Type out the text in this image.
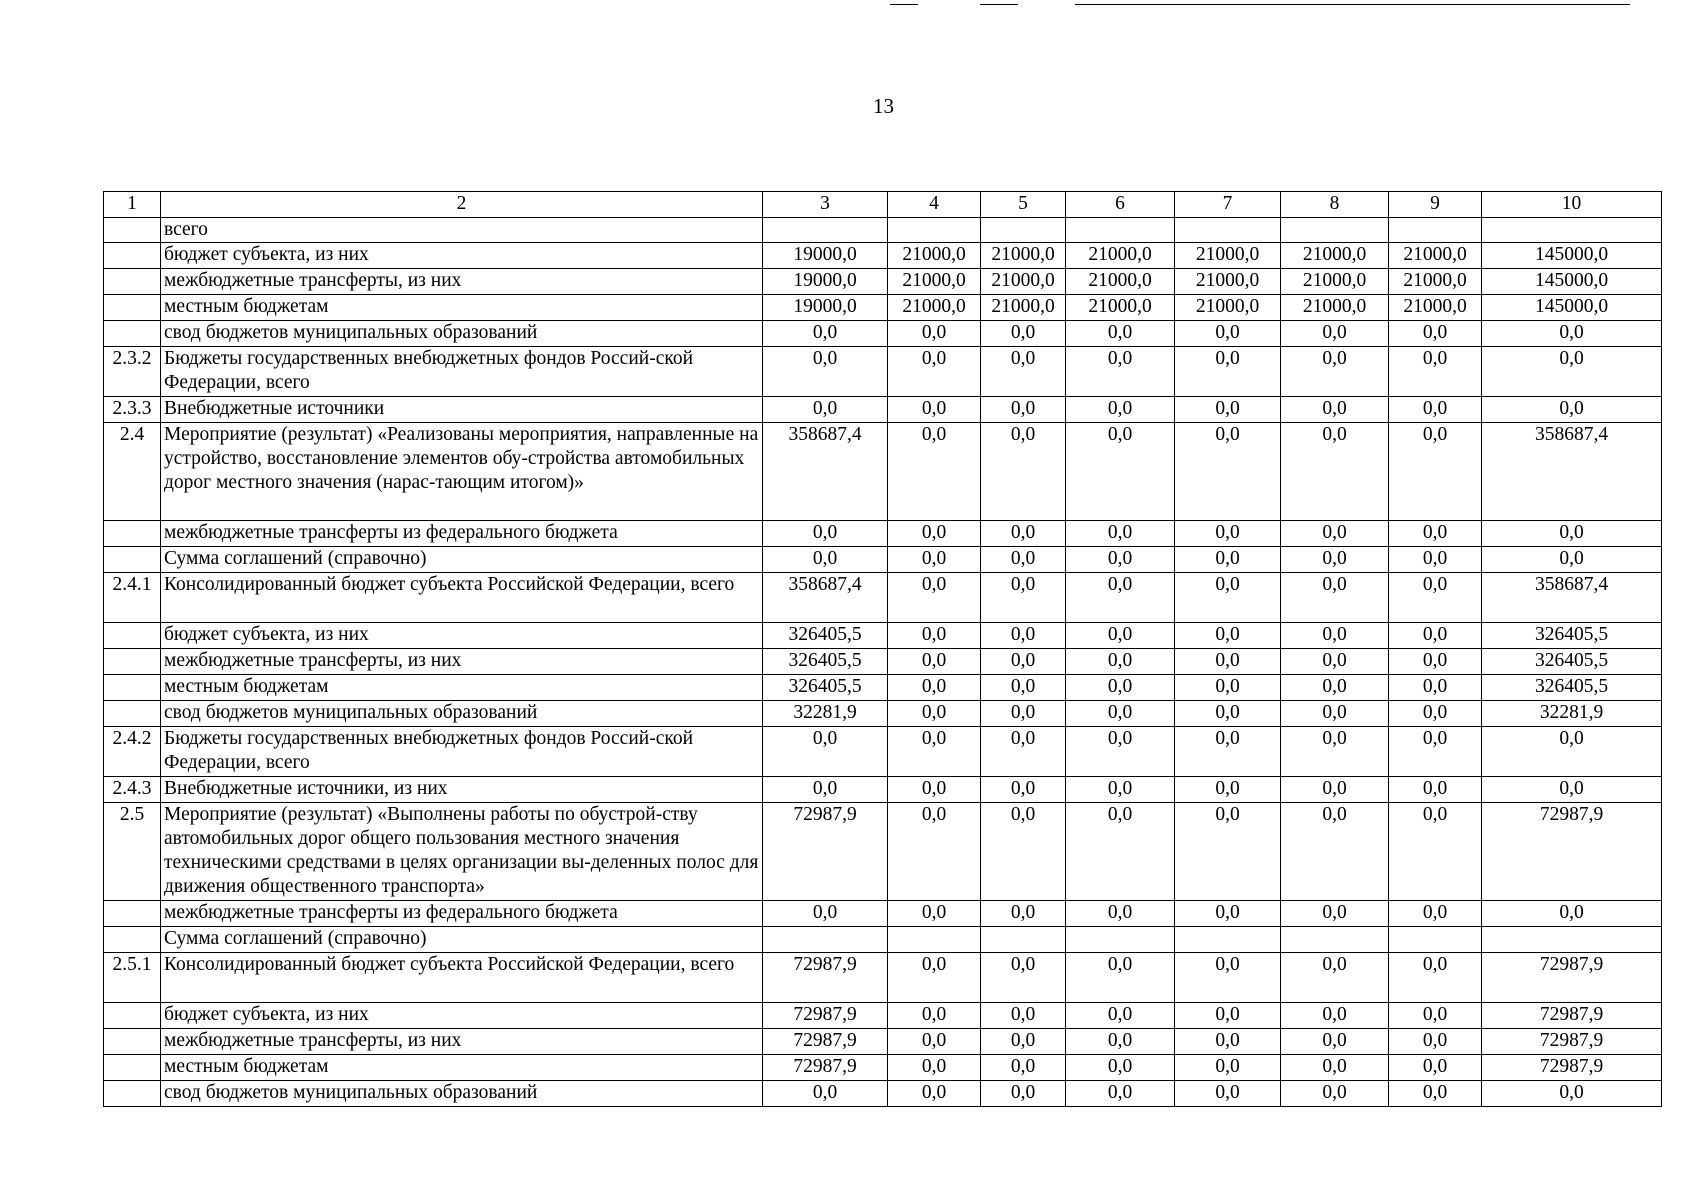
13
1	2	3	4	5	6	7	8	9	10
	всего								
	бюджет субъекта, из них	19000,0	21000,0	21000,0	21000,0	21000,0	21000,0	21000,0	145000,0
	межбюджетные трансферты, из них	19000,0	21000,0	21000,0	21000,0	21000,0	21000,0	21000,0	145000,0
	местным бюджетам	19000,0	21000,0	21000,0	21000,0	21000,0	21000,0	21000,0	145000,0
	свод бюджетов муниципальных образований	0,0	0,0	0,0	0,0	0,0	0,0	0,0	0,0
2.3.2	Бюджеты государственных внебюджетных фондов Россий-ской Федерации, всего	0,0	0,0	0,0	0,0	0,0	0,0	0,0	0,0
2.3.3	Внебюджетные источники	0,0	0,0	0,0	0,0	0,0	0,0	0,0	0,0
2.4	Мероприятие (результат) «Реализованы мероприятия, направленные на устройство, восстановление элементов обу-стройства автомобильных дорог местного значения (нарас-тающим итогом)»	358687,4	0,0	0,0	0,0	0,0	0,0	0,0	358687,4
	межбюджетные трансферты из федерального бюджета	0,0	0,0	0,0	0,0	0,0	0,0	0,0	0,0
	Сумма соглашений (справочно)	0,0	0,0	0,0	0,0	0,0	0,0	0,0	0,0
2.4.1	Консолидированный бюджет субъекта Российской Федерации, всего	358687,4	0,0	0,0	0,0	0,0	0,0	0,0	358687,4
	бюджет субъекта, из них	326405,5	0,0	0,0	0,0	0,0	0,0	0,0	326405,5
	межбюджетные трансферты, из них	326405,5	0,0	0,0	0,0	0,0	0,0	0,0	326405,5
	местным бюджетам	326405,5	0,0	0,0	0,0	0,0	0,0	0,0	326405,5
	свод бюджетов муниципальных образований	32281,9	0,0	0,0	0,0	0,0	0,0	0,0	32281,9
2.4.2	Бюджеты государственных внебюджетных фондов Россий-ской Федерации, всего	0,0	0,0	0,0	0,0	0,0	0,0	0,0	0,0
2.4.3	Внебюджетные источники, из них	0,0	0,0	0,0	0,0	0,0	0,0	0,0	0,0
2.5	Мероприятие (результат) «Выполнены работы по обустрой-ству автомобильных дорог общего пользования местного значения техническими средствами в целях организации вы-деленных полос для движения общественного транспорта»	72987,9	0,0	0,0	0,0	0,0	0,0	0,0	72987,9
	межбюджетные трансферты из федерального бюджета	0,0	0,0	0,0	0,0	0,0	0,0	0,0	0,0
	Сумма соглашений (справочно)								
2.5.1	Консолидированный бюджет субъекта Российской Федерации, всего	72987,9	0,0	0,0	0,0	0,0	0,0	0,0	72987,9
	бюджет субъекта, из них	72987,9	0,0	0,0	0,0	0,0	0,0	0,0	72987,9
	межбюджетные трансферты, из них	72987,9	0,0	0,0	0,0	0,0	0,0	0,0	72987,9
	местным бюджетам	72987,9	0,0	0,0	0,0	0,0	0,0	0,0	72987,9
	свод бюджетов муниципальных образований	0,0	0,0	0,0	0,0	0,0	0,0	0,0	0,0
